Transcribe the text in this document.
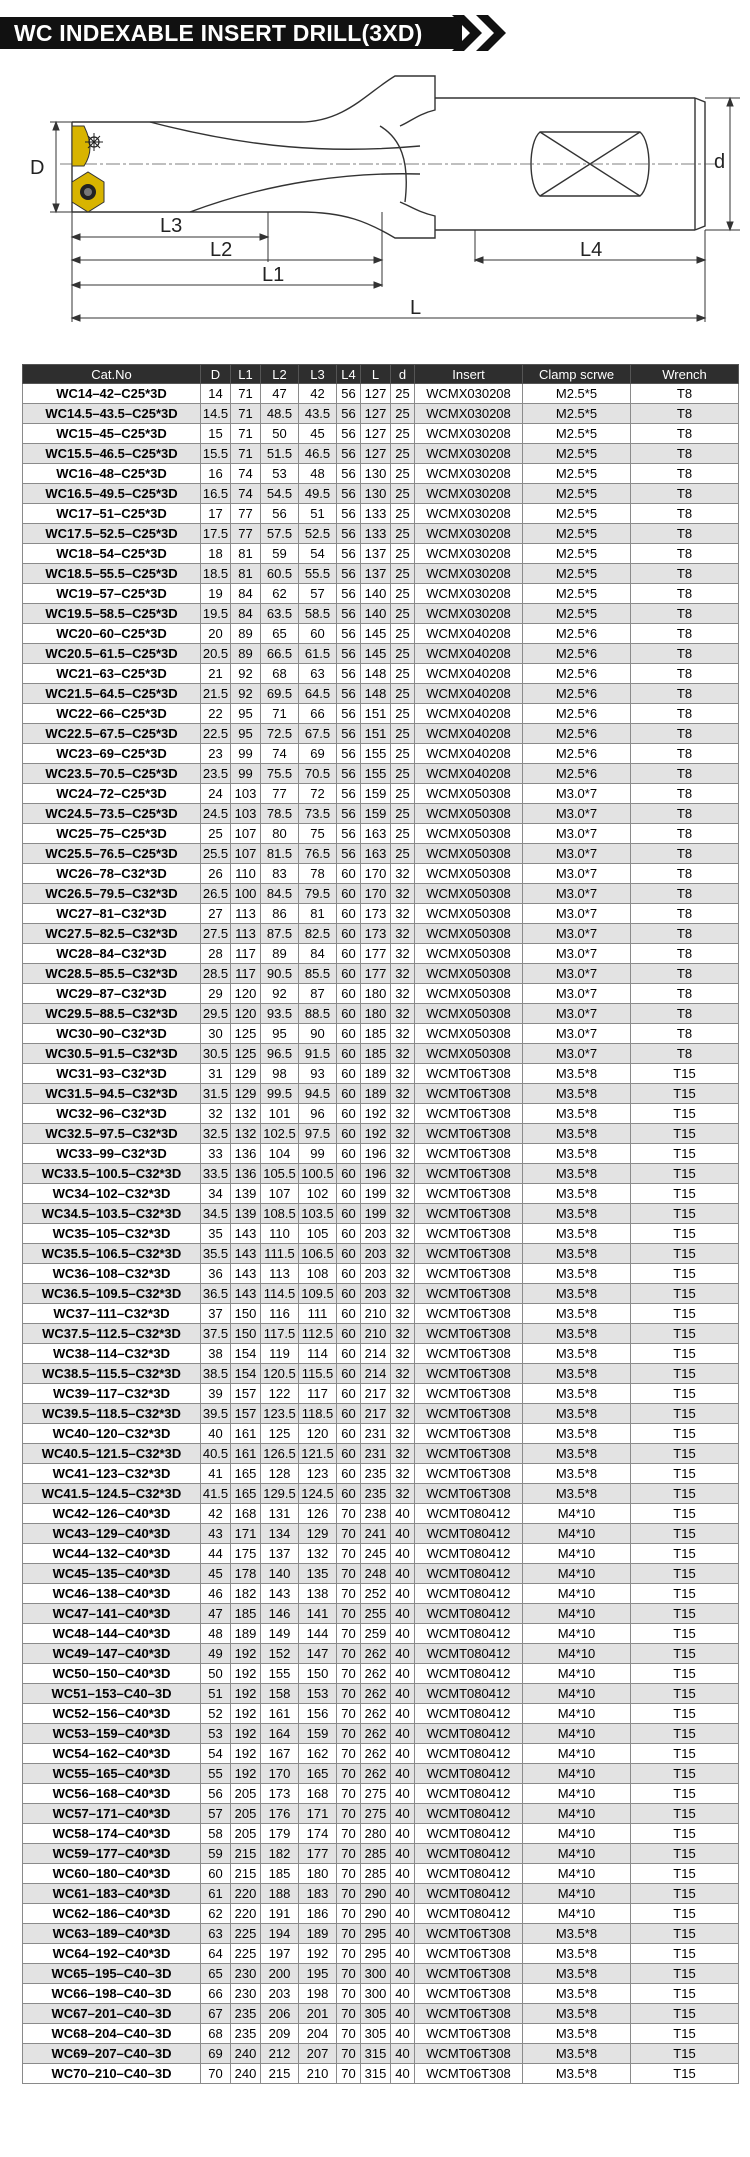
WC INDEXABLE INSERT DRILL(3XD)
D	d
L3
L2	L4
L1
L
Cat.No	D	L1	L2	L3	L4	L	d	Insert	Clamp scrwe	Wrench
WC14–42–C25*3D	14	71	47	42	56	127	25	WCMX030208	M2.5*5	T8
WC14.5–43.5–C25*3D	14.5	71	48.5	43.5	56	127	25	WCMX030208	M2.5*5	T8
WC15–45–C25*3D	15	71	50	45	56	127	25	WCMX030208	M2.5*5	T8
WC15.5–46.5–C25*3D	15.5	71	51.5	46.5	56	127	25	WCMX030208	M2.5*5	T8
WC16–48–C25*3D	16	74	53	48	56	130	25	WCMX030208	M2.5*5	T8
WC16.5–49.5–C25*3D	16.5	74	54.5	49.5	56	130	25	WCMX030208	M2.5*5	T8
WC17–51–C25*3D	17	77	56	51	56	133	25	WCMX030208	M2.5*5	T8
WC17.5–52.5–C25*3D	17.5	77	57.5	52.5	56	133	25	WCMX030208	M2.5*5	T8
WC18–54–C25*3D	18	81	59	54	56	137	25	WCMX030208	M2.5*5	T8
WC18.5–55.5–C25*3D	18.5	81	60.5	55.5	56	137	25	WCMX030208	M2.5*5	T8
WC19–57–C25*3D	19	84	62	57	56	140	25	WCMX030208	M2.5*5	T8
WC19.5–58.5–C25*3D	19.5	84	63.5	58.5	56	140	25	WCMX030208	M2.5*5	T8
WC20–60–C25*3D	20	89	65	60	56	145	25	WCMX040208	M2.5*6	T8
WC20.5–61.5–C25*3D	20.5	89	66.5	61.5	56	145	25	WCMX040208	M2.5*6	T8
WC21–63–C25*3D	21	92	68	63	56	148	25	WCMX040208	M2.5*6	T8
WC21.5–64.5–C25*3D	21.5	92	69.5	64.5	56	148	25	WCMX040208	M2.5*6	T8
WC22–66–C25*3D	22	95	71	66	56	151	25	WCMX040208	M2.5*6	T8
WC22.5–67.5–C25*3D	22.5	95	72.5	67.5	56	151	25	WCMX040208	M2.5*6	T8
WC23–69–C25*3D	23	99	74	69	56	155	25	WCMX040208	M2.5*6	T8
WC23.5–70.5–C25*3D	23.5	99	75.5	70.5	56	155	25	WCMX040208	M2.5*6	T8
WC24–72–C25*3D	24	103	77	72	56	159	25	WCMX050308	M3.0*7	T8
WC24.5–73.5–C25*3D	24.5	103	78.5	73.5	56	159	25	WCMX050308	M3.0*7	T8
WC25–75–C25*3D	25	107	80	75	56	163	25	WCMX050308	M3.0*7	T8
WC25.5–76.5–C25*3D	25.5	107	81.5	76.5	56	163	25	WCMX050308	M3.0*7	T8
WC26–78–C32*3D	26	110	83	78	60	170	32	WCMX050308	M3.0*7	T8
WC26.5–79.5–C32*3D	26.5	100	84.5	79.5	60	170	32	WCMX050308	M3.0*7	T8
WC27–81–C32*3D	27	113	86	81	60	173	32	WCMX050308	M3.0*7	T8
WC27.5–82.5–C32*3D	27.5	113	87.5	82.5	60	173	32	WCMX050308	M3.0*7	T8
WC28–84–C32*3D	28	117	89	84	60	177	32	WCMX050308	M3.0*7	T8
WC28.5–85.5–C32*3D	28.5	117	90.5	85.5	60	177	32	WCMX050308	M3.0*7	T8
WC29–87–C32*3D	29	120	92	87	60	180	32	WCMX050308	M3.0*7	T8
WC29.5–88.5–C32*3D	29.5	120	93.5	88.5	60	180	32	WCMX050308	M3.0*7	T8
WC30–90–C32*3D	30	125	95	90	60	185	32	WCMX050308	M3.0*7	T8
WC30.5–91.5–C32*3D	30.5	125	96.5	91.5	60	185	32	WCMX050308	M3.0*7	T8
WC31–93–C32*3D	31	129	98	93	60	189	32	WCMT06T308	M3.5*8	T15
WC31.5–94.5–C32*3D	31.5	129	99.5	94.5	60	189	32	WCMT06T308	M3.5*8	T15
WC32–96–C32*3D	32	132	101	96	60	192	32	WCMT06T308	M3.5*8	T15
WC32.5–97.5–C32*3D	32.5	132	102.5	97.5	60	192	32	WCMT06T308	M3.5*8	T15
WC33–99–C32*3D	33	136	104	99	60	196	32	WCMT06T308	M3.5*8	T15
WC33.5–100.5–C32*3D	33.5	136	105.5	100.5	60	196	32	WCMT06T308	M3.5*8	T15
WC34–102–C32*3D	34	139	107	102	60	199	32	WCMT06T308	M3.5*8	T15
WC34.5–103.5–C32*3D	34.5	139	108.5	103.5	60	199	32	WCMT06T308	M3.5*8	T15
WC35–105–C32*3D	35	143	110	105	60	203	32	WCMT06T308	M3.5*8	T15
WC35.5–106.5–C32*3D	35.5	143	111.5	106.5	60	203	32	WCMT06T308	M3.5*8	T15
WC36–108–C32*3D	36	143	113	108	60	203	32	WCMT06T308	M3.5*8	T15
WC36.5–109.5–C32*3D	36.5	143	114.5	109.5	60	203	32	WCMT06T308	M3.5*8	T15
WC37–111–C32*3D	37	150	116	111	60	210	32	WCMT06T308	M3.5*8	T15
WC37.5–112.5–C32*3D	37.5	150	117.5	112.5	60	210	32	WCMT06T308	M3.5*8	T15
WC38–114–C32*3D	38	154	119	114	60	214	32	WCMT06T308	M3.5*8	T15
WC38.5–115.5–C32*3D	38.5	154	120.5	115.5	60	214	32	WCMT06T308	M3.5*8	T15
WC39–117–C32*3D	39	157	122	117	60	217	32	WCMT06T308	M3.5*8	T15
WC39.5–118.5–C32*3D	39.5	157	123.5	118.5	60	217	32	WCMT06T308	M3.5*8	T15
WC40–120–C32*3D	40	161	125	120	60	231	32	WCMT06T308	M3.5*8	T15
WC40.5–121.5–C32*3D	40.5	161	126.5	121.5	60	231	32	WCMT06T308	M3.5*8	T15
WC41–123–C32*3D	41	165	128	123	60	235	32	WCMT06T308	M3.5*8	T15
WC41.5–124.5–C32*3D	41.5	165	129.5	124.5	60	235	32	WCMT06T308	M3.5*8	T15
WC42–126–C40*3D	42	168	131	126	70	238	40	WCMT080412	M4*10	T15
WC43–129–C40*3D	43	171	134	129	70	241	40	WCMT080412	M4*10	T15
WC44–132–C40*3D	44	175	137	132	70	245	40	WCMT080412	M4*10	T15
WC45–135–C40*3D	45	178	140	135	70	248	40	WCMT080412	M4*10	T15
WC46–138–C40*3D	46	182	143	138	70	252	40	WCMT080412	M4*10	T15
WC47–141–C40*3D	47	185	146	141	70	255	40	WCMT080412	M4*10	T15
WC48–144–C40*3D	48	189	149	144	70	259	40	WCMT080412	M4*10	T15
WC49–147–C40*3D	49	192	152	147	70	262	40	WCMT080412	M4*10	T15
WC50–150–C40*3D	50	192	155	150	70	262	40	WCMT080412	M4*10	T15
WC51–153–C40–3D	51	192	158	153	70	262	40	WCMT080412	M4*10	T15
WC52–156–C40*3D	52	192	161	156	70	262	40	WCMT080412	M4*10	T15
WC53–159–C40*3D	53	192	164	159	70	262	40	WCMT080412	M4*10	T15
WC54–162–C40*3D	54	192	167	162	70	262	40	WCMT080412	M4*10	T15
WC55–165–C40*3D	55	192	170	165	70	262	40	WCMT080412	M4*10	T15
WC56–168–C40*3D	56	205	173	168	70	275	40	WCMT080412	M4*10	T15
WC57–171–C40*3D	57	205	176	171	70	275	40	WCMT080412	M4*10	T15
WC58–174–C40*3D	58	205	179	174	70	280	40	WCMT080412	M4*10	T15
WC59–177–C40*3D	59	215	182	177	70	285	40	WCMT080412	M4*10	T15
WC60–180–C40*3D	60	215	185	180	70	285	40	WCMT080412	M4*10	T15
WC61–183–C40*3D	61	220	188	183	70	290	40	WCMT080412	M4*10	T15
WC62–186–C40*3D	62	220	191	186	70	290	40	WCMT080412	M4*10	T15
WC63–189–C40*3D	63	225	194	189	70	295	40	WCMT06T308	M3.5*8	T15
WC64–192–C40*3D	64	225	197	192	70	295	40	WCMT06T308	M3.5*8	T15
WC65–195–C40–3D	65	230	200	195	70	300	40	WCMT06T308	M3.5*8	T15
WC66–198–C40–3D	66	230	203	198	70	300	40	WCMT06T308	M3.5*8	T15
WC67–201–C40–3D	67	235	206	201	70	305	40	WCMT06T308	M3.5*8	T15
WC68–204–C40–3D	68	235	209	204	70	305	40	WCMT06T308	M3.5*8	T15
WC69–207–C40–3D	69	240	212	207	70	315	40	WCMT06T308	M3.5*8	T15
WC70–210–C40–3D	70	240	215	210	70	315	40	WCMT06T308	M3.5*8	T15
